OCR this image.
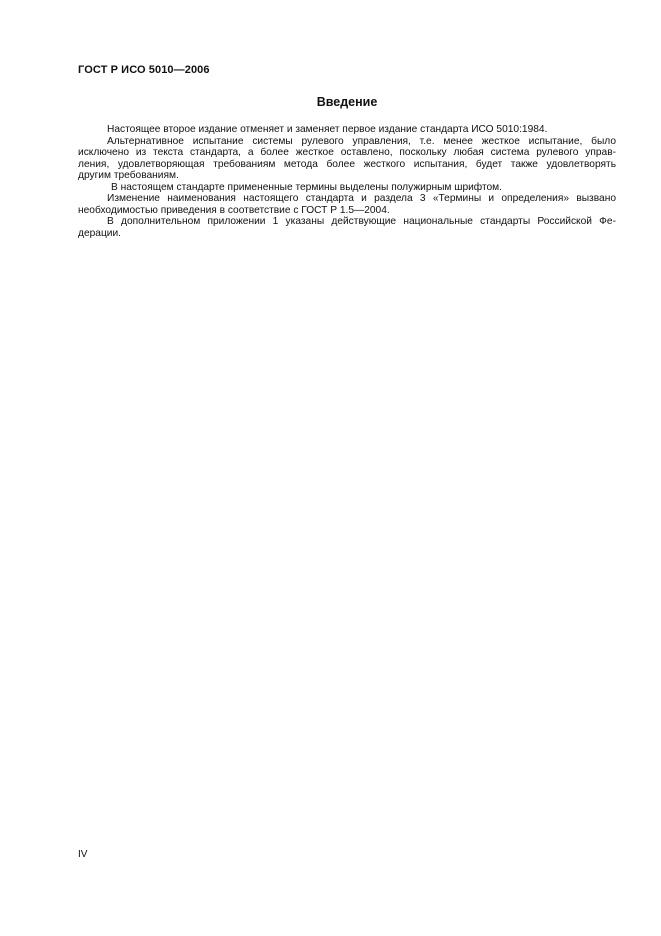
ГОСТ Р ИСО 5010—2006
Введение
Настоящее второе издание отменяет и заменяет первое издание стандарта ИСО 5010:1984.
Альтернативное испытание системы рулевого управления, т.е. менее жесткое испытание, было
исключено из текста стандарта, а более жесткое оставлено, поскольку любая система рулевого управ-
ления, удовлетворяющая требованиям метода более жесткого испытания, будет также удовлетворять
другим требованиям.
В настоящем стандарте примененные термины выделены полужирным шрифтом.
Изменение наименования настоящего стандарта и раздела 3 «Термины и определения» вызвано
необходимостью приведения в соответствие с ГОСТ Р 1.5—2004.
В дополнительном приложении 1 указаны действующие национальные стандарты Российской Фе-
дерации.
IV
